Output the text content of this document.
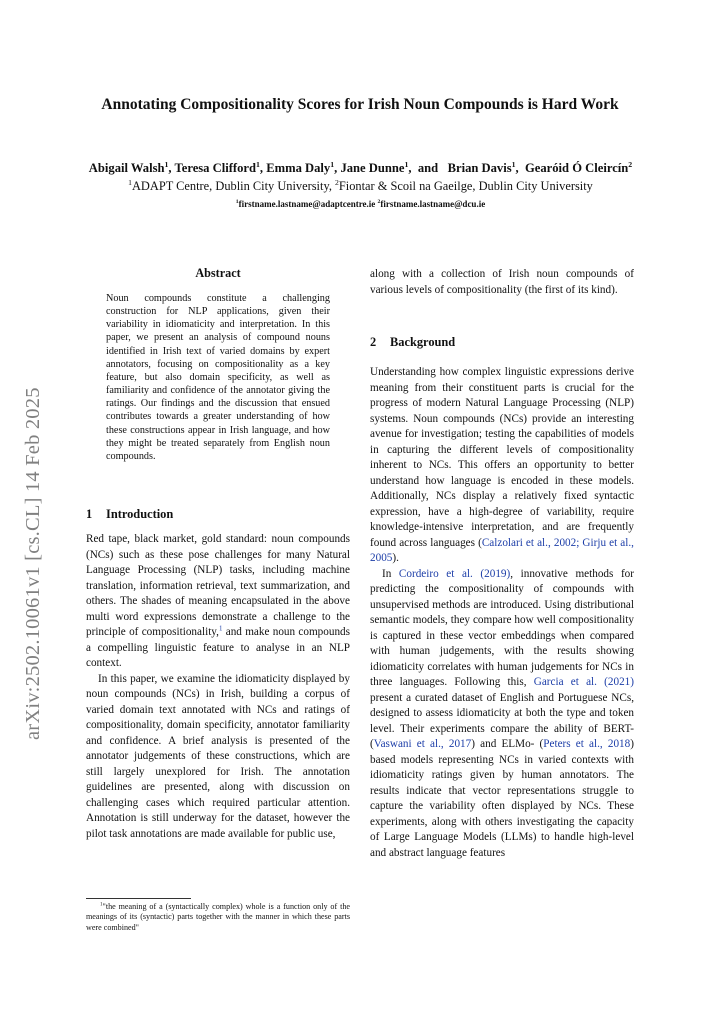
Annotating Compositionality Scores for Irish Noun Compounds is Hard Work
Abigail Walsh$^1$, Teresa Clifford$^1$, Emma Daly$^1$, Jane Dunne$^1$,  and   Brian Davis$^1$,  Gearóid Ó Cleircín$^2$
$^1$ADAPT Centre, Dublin City University, $^2$Fiontar & Scoil na Gaeilge, Dublin City University
$^1$firstname.lastname@adaptcentre.ie $^2$firstname.lastname@dcu.ie
arXiv:2502.10061v1 [cs.CL] 14 Feb 2025
Abstract

Noun compounds constitute a challenging construction for NLP applications, given their variability in idiomaticity and interpretation. In this paper, we present an analysis of compound nouns identified in Irish text of varied domains by expert annotators, focusing on compositionality as a key feature, but also domain specificity, as well as familiarity and confidence of the annotator giving the ratings. Our findings and the discussion that ensued contributes towards a greater understanding of how these constructions appear in Irish language, and how they might be treated separately from English noun compounds.

1 Introduction

Red tape, black market, gold standard: noun compounds (NCs) such as these pose challenges for many Natural Language Processing (NLP) tasks, including machine translation, information retrieval, text summarization, and others. The shades of meaning encapsulated in the above multi word expressions demonstrate a challenge to the principle of compositionality,$^1$ and make noun compounds a compelling linguistic feature to analyse in an NLP context.

In this paper, we examine the idiomaticity displayed by noun compounds (NCs) in Irish, building a corpus of varied domain text annotated with NCs and ratings of compositionality, domain specificity, annotator familiarity and confidence. A brief analysis is presented of the annotator judgements of these constructions, which are still largely unexplored for Irish. The annotation guidelines are presented, along with discussion on challenging cases which required particular attention. Annotation is still underway for the dataset, however the pilot task annotations are made available for public use,

along with a collection of Irish noun compounds of various levels of compositionality (the first of its kind).

2 Background

Understanding how complex linguistic expressions derive meaning from their constituent parts is crucial for the progress of modern Natural Language Processing (NLP) systems. Noun compounds (NCs) provide an interesting avenue for investigation; testing the capabilities of models in capturing the different levels of compositionality inherent to NCs. This offers an opportunity to better understand how language is encoded in these models. Additionally, NCs display a relatively fixed syntactic expression, have a high-degree of variability, require knowledge-intensive interpretation, and are frequently found across languages (Calzolari et al., 2002; Girju et al., 2005).

In Cordeiro et al. (2019), innovative methods for predicting the compositionality of compounds with unsupervised methods are introduced. Using distributional semantic models, they compare how well compositionality is captured in these vector embeddings when compared with human judgements, with the results showing idiomaticity correlates with human judgements for NCs in three languages. Following this, Garcia et al. (2021) present a curated dataset of English and Portuguese NCs, designed to assess idiomaticity at both the type and token level. Their experiments compare the ability of BERT- (Vaswani et al., 2017) and ELMo- (Peters et al., 2018) based models representing NCs in varied contexts with idiomaticity ratings given by human annotators. The results indicate that vector representations struggle to capture the variability often displayed by NCs. These experiments, along with others investigating the capacity of Large Language Models (LLMs) to handle high-level and abstract language features

$^1$"the meaning of a (syntactically complex) whole is a function only of the meanings of its (syntactic) parts together with the manner in which these parts were combined"
